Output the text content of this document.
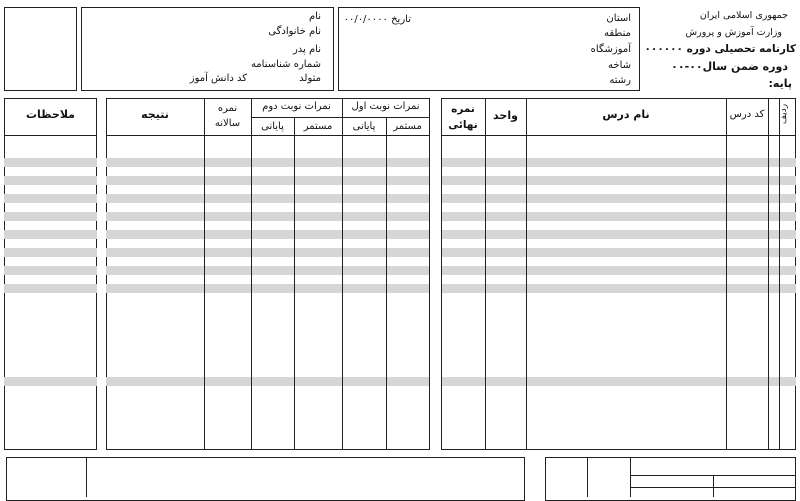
نام
نام خانوادگی
نام پدر
شماره شناسنامه
متولد
کد دانش آموز
استان
منطقه
آموزشگاه
شاخه
رشته
تاریخ ۰۰/۰/۰۰۰۰	جمهوری اسلامی ایران
وزارت آموزش و پرورش
کارنامه تحصیلی دوره ۰۰۰۰۰۰
دوره ضمن سال۰۰-۰۰
پایه:
ملاحظات	نتیجه	نمره سالانه
نمرات نوبت دوم
پایانی	مستمر
نمرات نوبت اول
پایانی	مستمر
نمره نهائی
واحد	نام درس	کد درس	ردیف
